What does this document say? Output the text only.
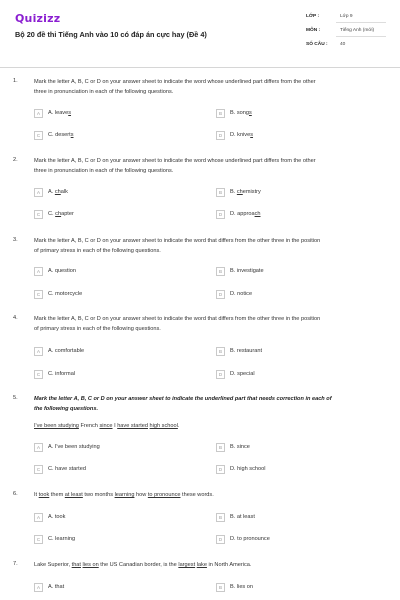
Quizizz
Bộ 20 đề thi Tiếng Anh vào 10 có đáp án cực hay (Đề 4)
LỚP :	Lớp 9
MÔN :	Tiếng Anh (mới)
SỐ CÂU :	40
1.	Mark the letter A, B, C or D on your answer sheet to indicate the word whose underlined part differs from the other
three in pronunciation in each of the following questions.
A	A. leaves	B	B. songs
C	C. deserts	D	D. knives
2.	Mark the letter A, B, C or D on your answer sheet to indicate the word whose underlined part differs from the other
three in pronunciation in each of the following questions.
A	A. chalk	B	B. chemistry
C	C. chapter	D	D. approach
3.	Mark the letter A, B, C or D on your answer sheet to indicate the word that differs from the other three in the position
of primary stress in each of the following questions.
A	A. question	B	B. investigate
C	C. motorcycle	D	D. notice
4.	Mark the letter A, B, C or D on your answer sheet to indicate the word that differs from the other three in the position
of primary stress in each of the following questions.
A	A. comfortable	B	B. restaurant
C	C. informal	D	D. special
5.	Mark the letter A, B, C or D on your answer sheet to indicate the underlined part that needs correction in each of
the following questions.
I've been studying French since I have started high school.
A	A. I've been studying	B	B. since
C	C. have started	D	D. high school
6.	It took them at least two months learning how to pronounce these words.
A	A. took	B	B. at least
C	C. learning	D	D. to pronounce
7.	Lake Superior, that lies on the US Canadian border, is the largest lake in North America.
A	A. that	B	B. lies on
